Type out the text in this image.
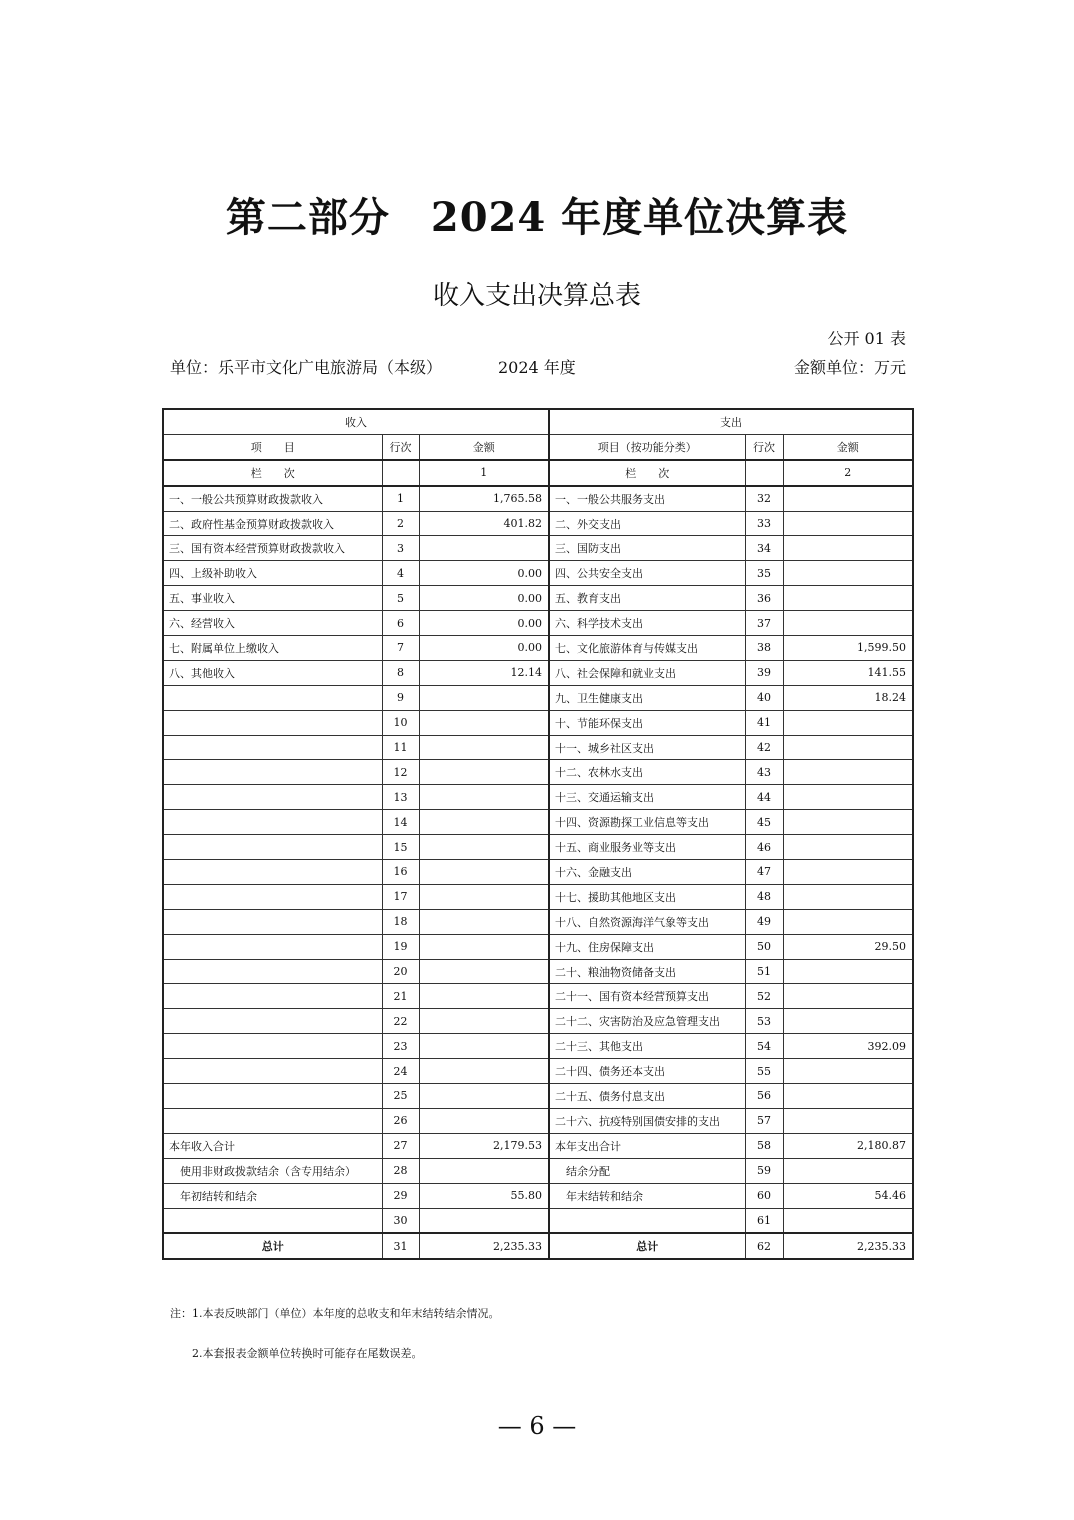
第二部分　2024 年度单位决算表
收入支出决算总表
公开 01 表
单位：乐平市文化广电旅游局（本级）	2024 年度	金额单位：万元
收入			支出		
项　　目	行次	金额	项目（按功能分类）	行次	金额
栏　　次		1	栏　　次		2
一、一般公共预算财政拨款收入	1	1,765.58	一、一般公共服务支出	32	
二、政府性基金预算财政拨款收入	2	401.82	二、外交支出	33	
三、国有资本经营预算财政拨款收入	3		三、国防支出	34	
四、上级补助收入	4	0.00	四、公共安全支出	35	
五、事业收入	5	0.00	五、教育支出	36	
六、经营收入	6	0.00	六、科学技术支出	37	
七、附属单位上缴收入	7	0.00	七、文化旅游体育与传媒支出	38	1,599.50
八、其他收入	8	12.14	八、社会保障和就业支出	39	141.55
	9		九、卫生健康支出	40	18.24
	10		十、节能环保支出	41	
	11		十一、城乡社区支出	42	
	12		十二、农林水支出	43	
	13		十三、交通运输支出	44	
	14		十四、资源勘探工业信息等支出	45	
	15		十五、商业服务业等支出	46	
	16		十六、金融支出	47	
	17		十七、援助其他地区支出	48	
	18		十八、自然资源海洋气象等支出	49	
	19		十九、住房保障支出	50	29.50
	20		二十、粮油物资储备支出	51	
	21		二十一、国有资本经营预算支出	52	
	22		二十二、灾害防治及应急管理支出	53	
	23		二十三、其他支出	54	392.09
	24		二十四、债务还本支出	55	
	25		二十五、债务付息支出	56	
	26		二十六、抗疫特别国债安排的支出	57	
本年收入合计	27	2,179.53	本年支出合计	58	2,180.87
使用非财政拨款结余（含专用结余）	28		结余分配	59	
年初结转和结余	29	55.80	年末结转和结余	60	54.46
	30			61	
总计	31	2,235.33	总计	62	2,235.33
注：1.本表反映部门（单位）本年度的总收支和年末结转结余情况。
2.本套报表金额单位转换时可能存在尾数误差。
— 6 —
